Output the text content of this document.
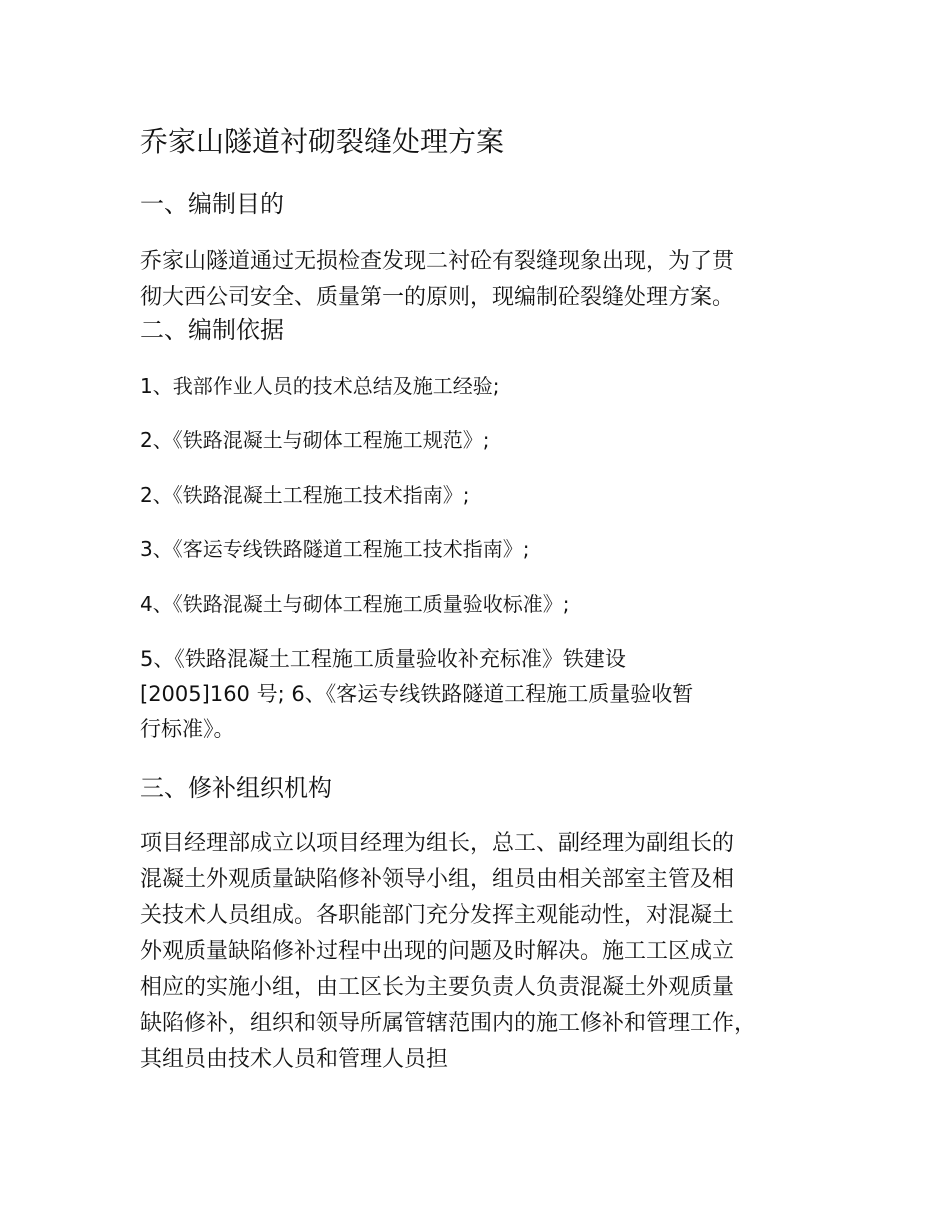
乔家山隧道衬砌裂缝处理方案
一、编制目的
乔家山隧道通过无损检查发现二衬砼有裂缝现象出现，为了贯
彻大西公司安全、质量第一的原则，现编制砼裂缝处理方案。
二、编制依据
1、我部作业人员的技术总结及施工经验;
2、《铁路混凝土与砌体工程施工规范》;
2、《铁路混凝土工程施工技术指南》;
3、《客运专线铁路隧道工程施工技术指南》;
4、《铁路混凝土与砌体工程施工质量验收标准》;
5、《铁路混凝土工程施工质量验收补充标准》铁建设
[2005]160 号; 6、《客运专线铁路隧道工程施工质量验收暂
行标准》。
三、修补组织机构
项目经理部成立以项目经理为组长，总工、副经理为副组长的
混凝土外观质量缺陷修补领导小组，组员由相关部室主管及相
关技术人员组成。各职能部门充分发挥主观能动性，对混凝土
外观质量缺陷修补过程中出现的问题及时解决。施工工区成立
相应的实施小组，由工区长为主要负责人负责混凝土外观质量
缺陷修补，组织和领导所属管辖范围内的施工修补和管理工作，
其组员由技术人员和管理人员担
